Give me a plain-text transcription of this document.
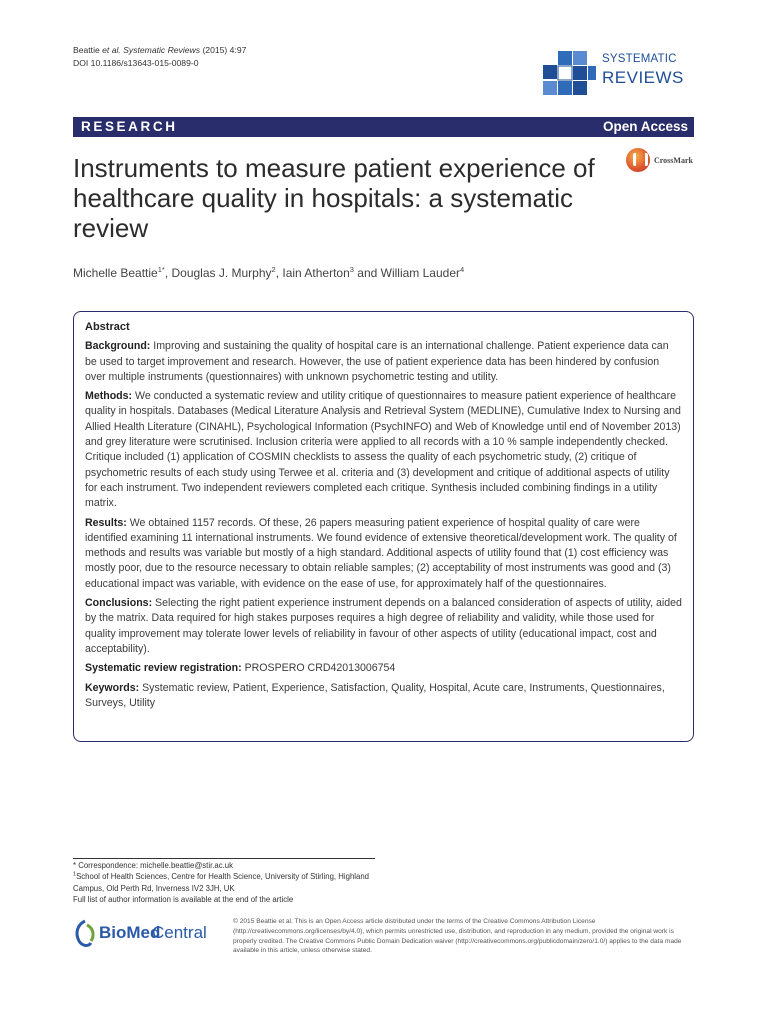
Beattie et al. Systematic Reviews (2015) 4:97
DOI 10.1186/s13643-015-0089-0	SYSTEMATIC
REVIEWS
RESEARCH	Open Access
CrossMark
Instruments to measure patient experience of healthcare quality in hospitals: a systematic review
Michelle Beattie$^{1*}$, Douglas J. Murphy$^2$, Iain Atherton$^3$ and William Lauder$^4$
Abstract

Background: Improving and sustaining the quality of hospital care is an international challenge. Patient experience data can be used to target improvement and research. However, the use of patient experience data has been hindered by confusion over multiple instruments (questionnaires) with unknown psychometric testing and utility.

Methods: We conducted a systematic review and utility critique of questionnaires to measure patient experience of healthcare quality in hospitals. Databases (Medical Literature Analysis and Retrieval System (MEDLINE), Cumulative Index to Nursing and Allied Health Literature (CINAHL), Psychological Information (PsychINFO) and Web of Knowledge until end of November 2013) and grey literature were scrutinised. Inclusion criteria were applied to all records with a 10 % sample independently checked. Critique included (1) application of COSMIN checklists to assess the quality of each psychometric study, (2) critique of psychometric results of each study using Terwee et al. criteria and (3) development and critique of additional aspects of utility for each instrument. Two independent reviewers completed each critique. Synthesis included combining findings in a utility matrix.

Results: We obtained 1157 records. Of these, 26 papers measuring patient experience of hospital quality of care were identified examining 11 international instruments. We found evidence of extensive theoretical/development work. The quality of methods and results was variable but mostly of a high standard. Additional aspects of utility found that (1) cost efficiency was mostly poor, due to the resource necessary to obtain reliable samples; (2) acceptability of most instruments was good and (3) educational impact was variable, with evidence on the ease of use, for approximately half of the questionnaires.

Conclusions: Selecting the right patient experience instrument depends on a balanced consideration of aspects of utility, aided by the matrix. Data required for high stakes purposes requires a high degree of reliability and validity, while those used for quality improvement may tolerate lower levels of reliability in favour of other aspects of utility (educational impact, cost and acceptability).

Systematic review registration: PROSPERO CRD42013006754

Keywords: Systematic review, Patient, Experience, Satisfaction, Quality, Hospital, Acute care, Instruments, Questionnaires, Surveys, Utility

* Correspondence: michelle.beattie@stir.ac.uk
$^1$School of Health Sciences, Centre for Health Science, University of Stirling, Highland Campus, Old Perth Rd, Inverness IV2 3JH, UK
Full list of author information is available at the end of the article
BioMed
Central
© 2015 Beattie et al. This is an Open Access article distributed under the terms of the Creative Commons Attribution License (http://creativecommons.org/licenses/by/4.0), which permits unrestricted use, distribution, and reproduction in any medium, provided the original work is properly credited. The Creative Commons Public Domain Dedication waiver (http://creativecommons.org/publicdomain/zero/1.0/) applies to the data made available in this article, unless otherwise stated.
